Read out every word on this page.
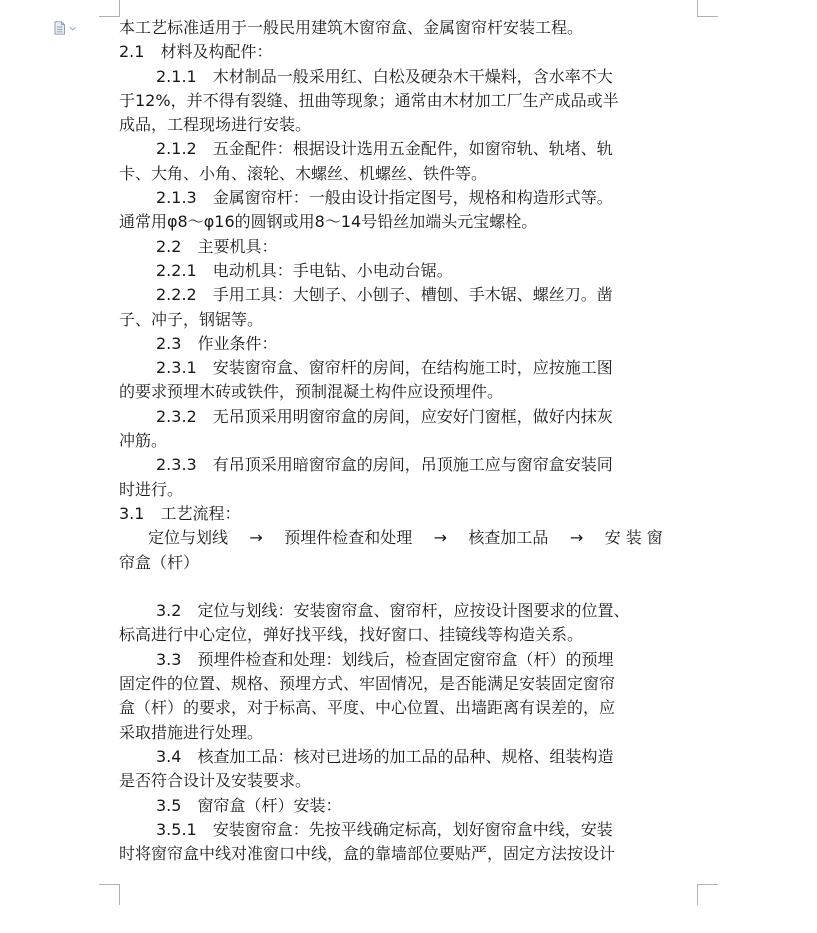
本工艺标准适用于一般民用建筑木窗帘盒、金属窗帘杆安装工程。
2.1　材料及构配件：
2.1.1　木材制品一般采用红、白松及硬杂木干燥料，含水率不大
于12%，并不得有裂缝、扭曲等现象；通常由木材加工厂生产成品或半
成品，工程现场进行安装。
2.1.2　五金配件：根据设计选用五金配件，如窗帘轨、轨堵、轨
卡、大角、小角、滚轮、木螺丝、机螺丝、铁件等。
2.1.3　金属窗帘杆：一般由设计指定图号，规格和构造形式等。
通常用φ8～φ16的圆钢或用8～14号铅丝加端头元宝螺栓。
2.2　主要机具：
2.2.1　电动机具：手电钻、小电动台锯。
2.2.2　手用工具：大刨子、小刨子、槽刨、手木锯、螺丝刀。凿
子、冲子，钢锯等。
2.3　作业条件：
2.3.1　安装窗帘盒、窗帘杆的房间，在结构施工时，应按施工图
的要求预埋木砖或铁件，预制混凝土构件应设预埋件。
2.3.2　无吊顶采用明窗帘盒的房间，应安好门窗框，做好内抹灰
冲筋。
2.3.3　有吊顶采用暗窗帘盒的房间，吊顶施工应与窗帘盒安装同
时进行。
3.1　工艺流程：
定位与划线 → 预埋件检查和处理 → 核查加工品 → 安 装 窗
帘盒（杆）
3.2　定位与划线：安装窗帘盒、窗帘杆，应按设计图要求的位置、
标高进行中心定位，弹好找平线，找好窗口、挂镜线等构造关系。
3.3　预埋件检查和处理：划线后，检查固定窗帘盒（杆）的预埋
固定件的位置、规格、预埋方式、牢固情况，是否能满足安装固定窗帘
盒（杆）的要求，对于标高、平度、中心位置、出墙距离有误差的，应
采取措施进行处理。
3.4　核查加工品：核对已进场的加工品的品种、规格、组装构造
是否符合设计及安装要求。
3.5　窗帘盒（杆）安装：
3.5.1　安装窗帘盒：先按平线确定标高，划好窗帘盒中线，安装
时将窗帘盒中线对准窗口中线，盒的靠墙部位要贴严，固定方法按设计
